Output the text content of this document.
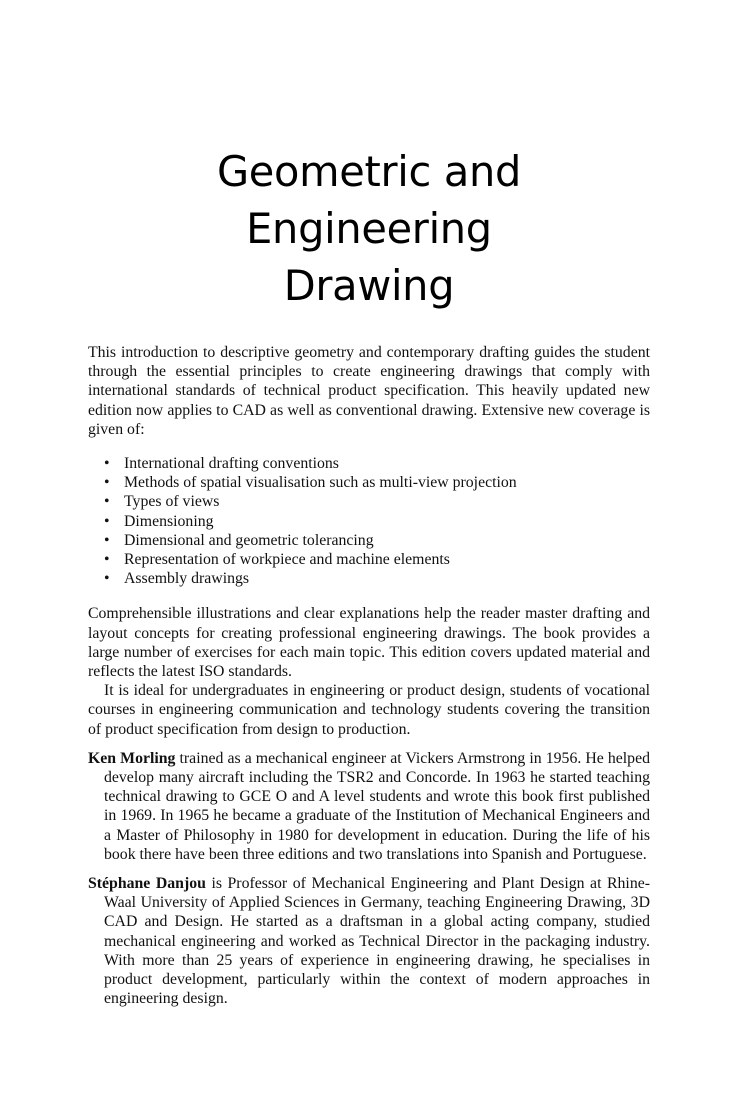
Geometric and Engineering
Drawing

This introduction to descriptive geometry and contemporary drafting guides the student through the essential principles to create engineering drawings that comply with international standards of technical product specification. This heavily updated new edition now applies to CAD as well as conventional drawing. Extensive new coverage is given of:

• International drafting conventions
• Methods of spatial visualisation such as multi-view projection
• Types of views
• Dimensioning
• Dimensional and geometric tolerancing
• Representation of workpiece and machine elements
• Assembly drawings

Comprehensible illustrations and clear explanations help the reader master drafting and layout concepts for creating professional engineering drawings. The book provides a large number of exercises for each main topic. This edition covers updated material and reflects the latest ISO standards.

It is ideal for undergraduates in engineering or product design, students of vocational courses in engineering communication and technology students covering the transition of product specification from design to production.

Ken Morling trained as a mechanical engineer at Vickers Armstrong in 1956. He helped develop many aircraft including the TSR2 and Concorde. In 1963 he started teaching technical drawing to GCE O and A level students and wrote this book first published in 1969. In 1965 he became a graduate of the Institution of Mechanical Engineers and a Master of Philosophy in 1980 for development in education. During the life of his book there have been three editions and two translations into Spanish and Portuguese.

Stéphane Danjou is Professor of Mechanical Engineering and Plant Design at Rhine-Waal University of Applied Sciences in Germany, teaching Engineering Drawing, 3D CAD and Design. He started as a draftsman in a global acting company, studied mechanical engineering and worked as Technical Director in the packaging industry. With more than 25 years of experience in engineering drawing, he specialises in product development, particularly within the context of modern approaches in engineering design.
